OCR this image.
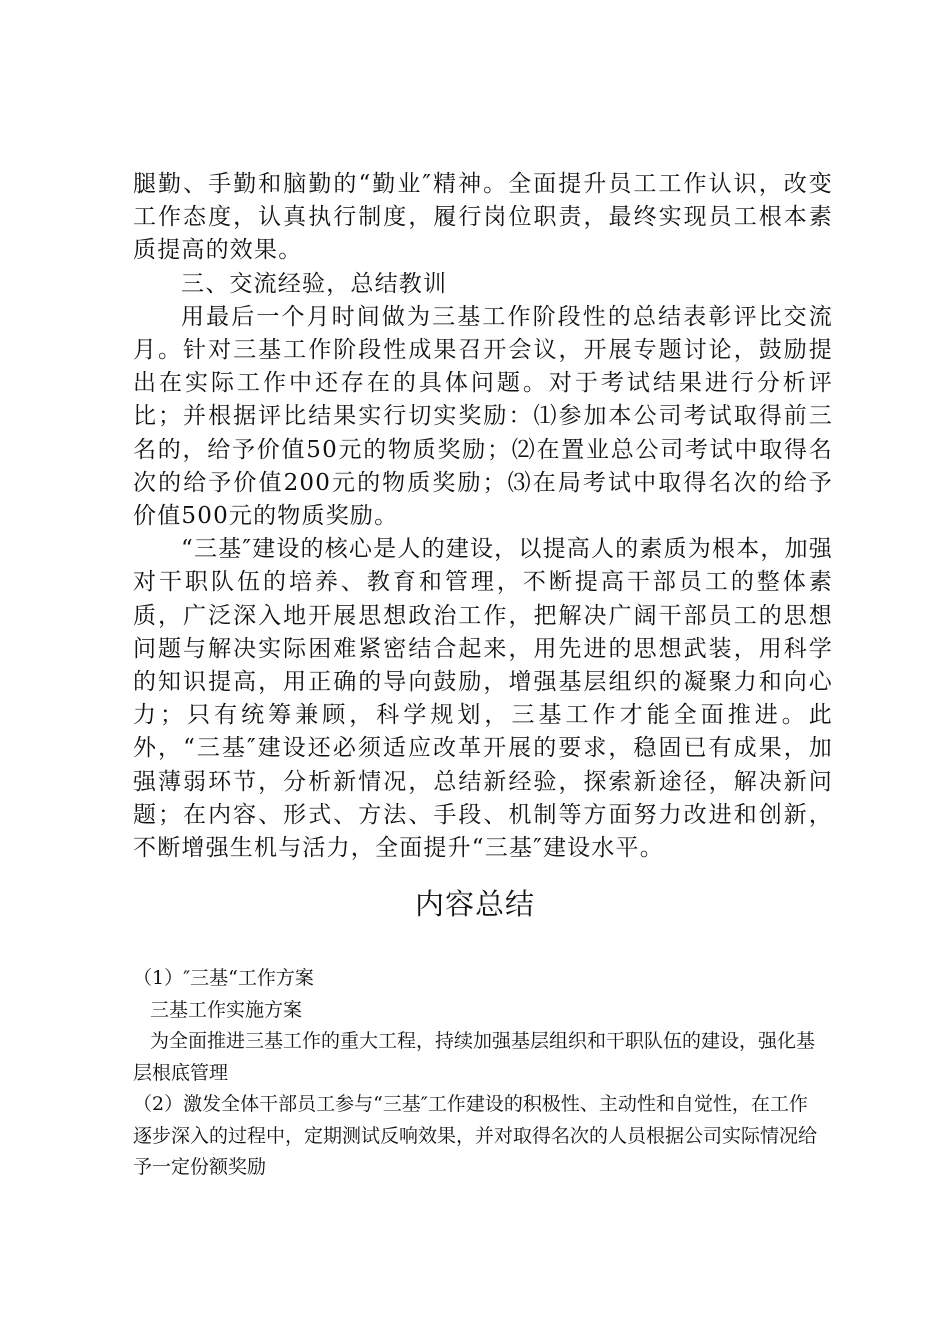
腿勤、手勤和脑勤的“勤业″精神。全面提升员工工作认识，改变工作态度，认真执行制度，履行岗位职责，最终实现员工根本素质提高的效果。

三、交流经验，总结教训

用最后一个月时间做为三基工作阶段性的总结表彰评比交流月。针对三基工作阶段性成果召开会议，开展专题讨论，鼓励提出在实际工作中还存在的具体问题。对于考试结果进行分析评比；并根据评比结果实行切实奖励：⑴参加本公司考试取得前三名的，给予价值50元的物质奖励；⑵在置业总公司考试中取得名次的给予价值200元的物质奖励；⑶在局考试中取得名次的给予价值500元的物质奖励。

“三基″建设的核心是人的建设，以提高人的素质为根本，加强对干职队伍的培养、教育和管理，不断提高干部员工的整体素质，广泛深入地开展思想政治工作，把解决广阔干部员工的思想问题与解决实际困难紧密结合起来，用先进的思想武装，用科学的知识提高，用正确的导向鼓励，增强基层组织的凝聚力和向心力；只有统筹兼顾，科学规划，三基工作才能全面推进。此外，“三基″建设还必须适应改革开展的要求，稳固已有成果，加强薄弱环节，分析新情况，总结新经验，探索新途径，解决新问题；在内容、形式、方法、手段、机制等方面努力改进和创新，不断增强生机与活力，全面提升“三基″建设水平。

内容总结

（1）″三基“工作方案

三基工作实施方案

为全面推进三基工作的重大工程，持续加强基层组织和干职队伍的建设，强化基层根底管理

（2）激发全体干部员工参与“三基″工作建设的积极性、主动性和自觉性，在工作逐步深入的过程中，定期测试反响效果，并对取得名次的人员根据公司实际情况给予一定份额奖励
